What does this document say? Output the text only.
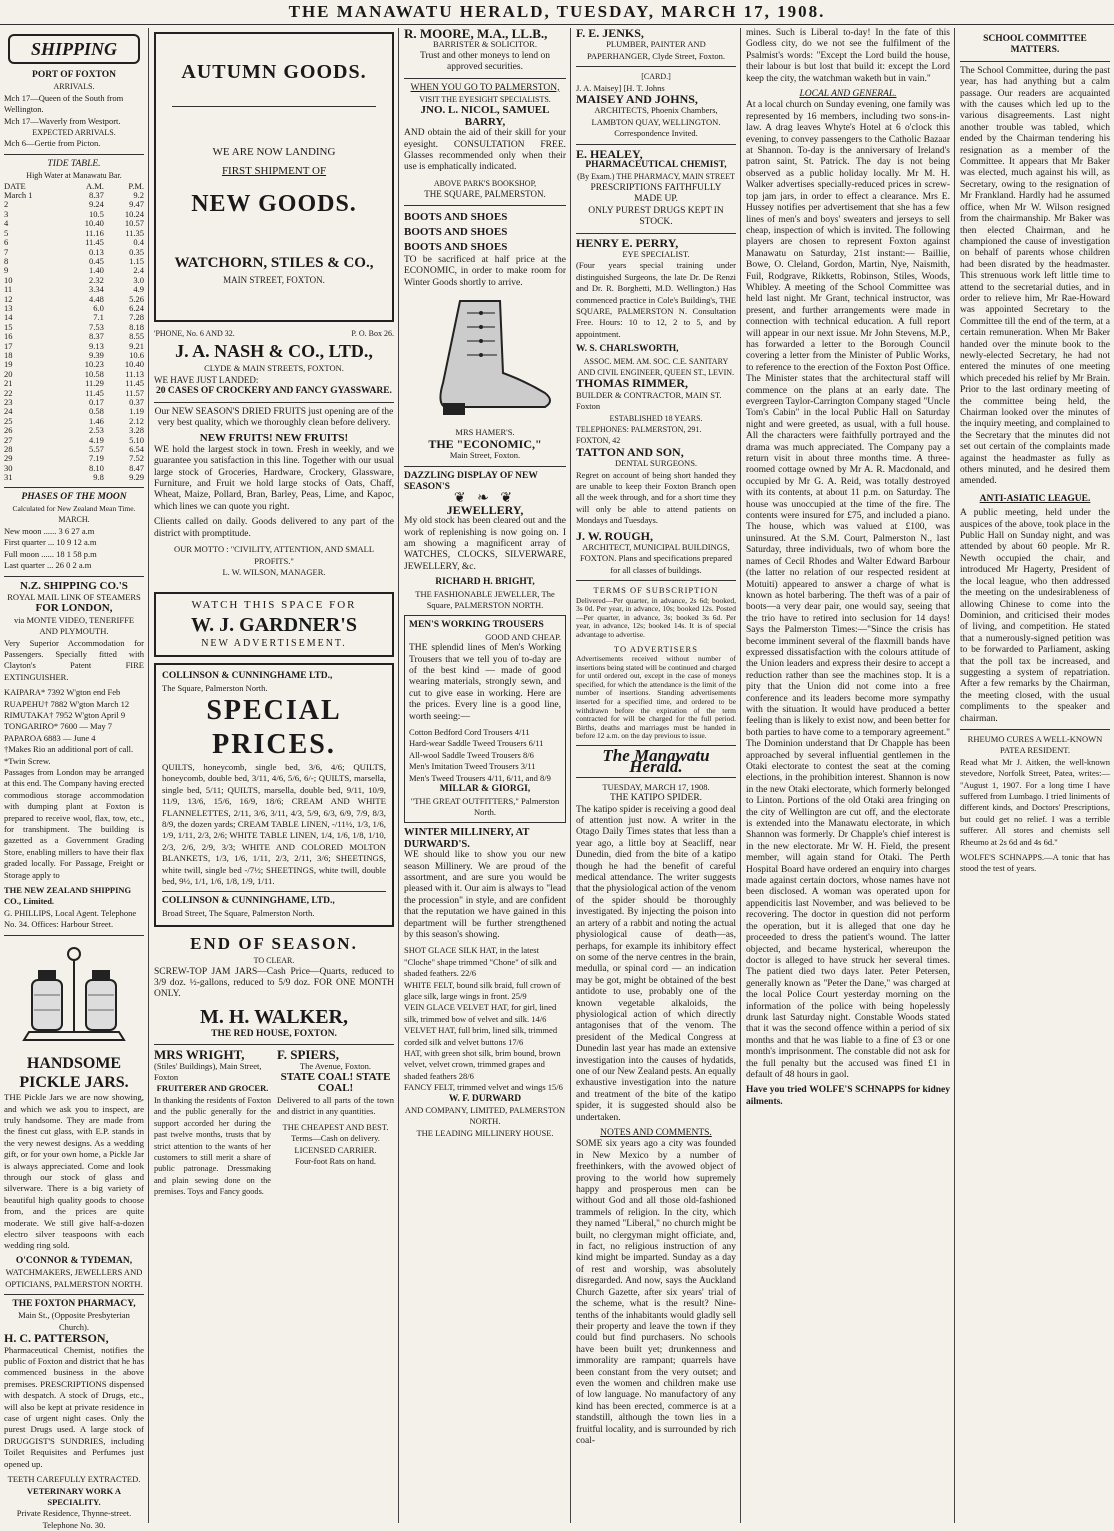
THE MANAWATU HERALD, TUESDAY, MARCH 17, 1908.
SHIPPING
PORT OF FOXTON
ARRIVALS.
Mch 17—Queen of the South from Wellington.
Mch 17—Waverly from Westport.
EXPECTED ARRIVALS.
Mch 6—Gertie from Picton.
TIDE TABLE.
High Water at Manawatu Bar.
DATE	A.M.	P.M.
March 1	8.37	9.2
2	9.24	9.47
3	10.5	10.24
4	10.40	10.57
5	11.16	11.35
6	11.45	0.4
7	0.13	0.35
8	0.45	1.15
9	1.40	2.4
10	2.32	3.0
11	3.34	4.9
12	4.48	5.26
13	6.0	6.24
14	7.1	7.28
15	7.53	8.18
16	8.37	8.55
17	9.13	9.21
18	9.39	10.6
19	10.23	10.40
20	10.58	11.13
21	11.29	11.45
22	11.45	11.57
23	0.17	0.37
24	0.58	1.19
25	1.46	2.12
26	2.53	3.28
27	4.19	5.10
28	5.57	6.54
29	7.19	7.52
30	8.10	8.47
31	9.8	9.29
PHASES OF THE MOON
Calculated for New Zealand Mean Time.
MARCH.
New moon ...... 3 6 27 a.m
First quarter ... 10 9 12 a.m
Full moon ...... 18 1 58 p.m
Last quarter ... 26 0 2 a.m
N.Z. SHIPPING CO.'S
ROYAL MAIL LINK OF STEAMERS
FOR LONDON,
via MONTE VIDEO, TENERIFFE AND PLYMOUTH.

Very Superior Accommodation for Passengers. Specially fitted with Clayton's Patent FIRE EXTINGUISHER.

KAIPARA* 7392 W'gton end Feb
RUAPEHU† 7882 W'gton March 12
RIMUTAKA† 7952 W'gton April 9
TONGARIRO* 7600 — May 7
PAPAROA 6883 — June 4
†Makes Rio an additional port of call.
*Twin Screw.

Passages from London may be arranged at this end. The Company having erected commodious storage accommodation with dumping plant at Foxton is prepared to receive wool, flax, tow, etc., for transhipment. The building is gazetted as a Government Grading Store, enabling millers to have their flax graded locally. For Passage, Freight or Storage apply to

THE NEW ZEALAND SHIPPING CO., Limited.
G. PHILLIPS, Local Agent. Telephone No. 34. Offices: Harbour Street.
HANDSOME PICKLE JARS.

THE Pickle Jars we are now showing, and which we ask you to inspect, are truly handsome. They are made from the finest cut glass, with E.P. stands in the very newest designs. As a wedding gift, or for your own home, a Pickle Jar is always appreciated. Come and look through our stock of glass and silverware. There is a big variety of beautiful high quality goods to choose from, and the prices are quite moderate. We still give half-a-dozen electro silver teaspoons with each wedding ring sold.

O'CONNOR & TYDEMAN,
WATCHMAKERS, JEWELLERS AND OPTICIANS, PALMERSTON NORTH.
THE FOXTON PHARMACY,
Main St., (Opposite Presbyterian Church).
H. C. PATTERSON,

Pharmaceutical Chemist, notifies the public of Foxton and district that he has commenced business in the above premises. PRESCRIPTIONS dispensed with despatch. A stock of Drugs, etc., will also be kept at private residence in case of urgent night cases. Only the purest Drugs used. A large stock of DRUGGIST'S SUNDRIES, including Toilet Requisites and Perfumes just opened up.

TEETH CAREFULLY EXTRACTED.
VETERINARY WORK A SPECIALITY.
Private Residence, Thynne-street. Telephone No. 30.
AUTUMN GOODS.
WE ARE NOW LANDING
FIRST SHIPMENT OF
NEW GOODS.
WATCHORN, STILES & CO.,
MAIN STREET, FOXTON.
'PHONE, No. 6 AND 32.	P. O. Box 26.
J. A. NASH & CO., LTD.,
CLYDE & MAIN STREETS, FOXTON.
WE HAVE JUST LANDED:
20 CASES OF CROCKERY AND FANCY GYASSWARE.

Our NEW SEASON'S DRIED FRUITS just opening are of the very best quality, which we thoroughly clean before delivery.

NEW FRUITS! NEW FRUITS!

WE hold the largest stock in town. Fresh in weekly, and we guarantee you satisfaction in this line. Together with our usual large stock of Groceries, Hardware, Crockery, Glassware, Furniture, and Fruit we hold large stocks of Oats, Chaff, Wheat, Maize, Pollard, Bran, Barley, Peas, Lime, and Kapoc, which lines we can quote you right.

Clients called on daily. Goods delivered to any part of the district with promptitude.

OUR MOTTO : "CIVILITY, ATTENTION, AND SMALL PROFITS."
L. W. WILSON, MANAGER.
WATCH THIS SPACE FOR
W. J. GARDNER'S
NEW ADVERTISEMENT.
COLLINSON & CUNNINGHAME LTD.,
The Square, Palmerston North.
SPECIAL PRICES.

QUILTS, honeycomb, single bed, 3/6, 4/6; QUILTS, honeycomb, double bed, 3/11, 4/6, 5/6, 6/-; QUILTS, marsella, single bed, 5/11; QUILTS, marsella, double bed, 9/11, 10/9, 11/9, 13/6, 15/6, 16/9, 18/6; CREAM AND WHITE FLANNELETTES, 2/11, 3/6, 3/11, 4/3, 5/9, 6/3, 6/9, 7/9, 8/3, 8/9, the dozen yards; CREAM TABLE LINEN, -/11½, 1/3, 1/6, 1/9, 1/11, 2/3, 2/6; WHITE TABLE LINEN, 1/4, 1/6, 1/8, 1/10, 2/3, 2/6, 2/9, 3/3; WHITE AND COLORED MOLTON BLANKETS, 1/3, 1/6, 1/11, 2/3, 2/11, 3/6; SHEETINGS, white twill, single bed -/7½; SHEETINGS, white twill, double bed, 9½, 1/1, 1/6, 1/8, 1/9, 1/11.

COLLINSON & CUNNINGHAME, LTD.,
Broad Street, The Square, Palmerston North.
END OF SEASON.
TO CLEAR.

SCREW-TOP JAM JARS—Cash Price—Quarts, reduced to 3/9 doz. ½-gallons, reduced to 5/9 doz. FOR ONE MONTH ONLY.

M. H. WALKER,
THE RED HOUSE, FOXTON.
MRS WRIGHT,
(Stiles' Buildings), Main Street, Foxton
FRUITERER AND GROCER.

In thanking the residents of Foxton and the public generally for the support accorded her during the past twelve months, trusts that by strict attention to the wants of her customers to still merit a share of public patronage. Dressmaking and plain sewing done on the premises. Toys and Fancy goods.

F. SPIERS,
The Avenue, Foxton.
STATE COAL! STATE COAL!

Delivered to all parts of the town and district in any quantities.

THE CHEAPEST AND BEST.
Terms—Cash on delivery.
LICENSED CARRIER.
Four-foot Rats on hand.
R. MOORE, M.A., LL.B.,
BARRISTER & SOLICITOR.

Trust and other moneys to lend on approved securities.

WHEN YOU GO TO PALMERSTON,
VISIT THE EYESIGHT SPECIALISTS.
JNO. L. NICOL, SAMUEL BARRY,

AND obtain the aid of their skill for your eyesight. CONSULTATION FREE. Glasses recommended only when their use is emphatically indicated.

ABOVE PARK'S BOOKSHOP,
THE SQUARE, PALMERSTON.
BOOTS AND SHOES
BOOTS AND SHOES
BOOTS AND SHOES

TO be sacrificed at half price at the ECONOMIC, in order to make room for Winter Goods shortly to arrive.

MRS HAMER'S.
THE "ECONOMIC,"
Main Street, Foxton.
DAZZLING DISPLAY OF NEW SEASON'S
❦ ❧ ❦
JEWELLERY,

My old stock has been cleared out and the work of replenishing is now going on. I am showing a magnificent array of WATCHES, CLOCKS, SILVERWARE, JEWELLERY, &c.

RICHARD H. BRIGHT,
THE FASHIONABLE JEWELLER, The Square, PALMERSTON NORTH.
MEN'S WORKING TROUSERS
GOOD AND CHEAP.

THE splendid lines of Men's Working Trousers that we tell you of to-day are of the best kind — made of good wearing materials, strongly sewn, and cut to give ease in working. Here are the prices. Every line is a good line, worth seeing:—

Cotton Bedford Cord Trousers 4/11
Hard-wear Saddle Tweed Trousers 6/11
All-wool Saddle Tweed Trousers 8/6
Men's Imitation Tweed Trousers 3/11
Men's Tweed Trousers 4/11, 6/11, and 8/9
MILLAR & GIORGI,
"THE GREAT OUTFITTERS," Palmerston North.
WINTER MILLINERY, AT DURWARD'S.

WE should like to show you our new season Millinery. We are proud of the assortment, and are sure you would be pleased with it. Our aim is always to "lead the procession" in style, and are confident that the reputation we have gained in this department will be further strengthened by this season's showing.

SHOT GLACE SILK HAT, in the latest "Cloche" shape trimmed "Chone" of silk and shaded feathers. 22/6
WHITE FELT, bound silk braid, full crown of glace silk, large wings in front. 25/9
VEIN GLACE VELVET HAT, for girl, lined silk, trimmed bow of velvet and silk. 14/6
VELVET HAT, full brim, lined silk, trimmed corded silk and velvet buttons 17/6
HAT, with green shot silk, brim bound, brown velvet, velvet crown, trimmed grapes and shaded feathers 28/6
FANCY FELT, trimmed velvet and wings 15/6
W. F. DURWARD
AND COMPANY, LIMITED, PALMERSTON NORTH.
THE LEADING MILLINERY HOUSE.
F. E. JENKS,
PLUMBER, PAINTER AND PAPERHANGER, Clyde Street, Foxton.
[CARD.]
J. A. Maisey] [H. T. Johns
MAISEY AND JOHNS,
ARCHITECTS, Phoenix Chambers, LAMBTON QUAY, WELLINGTON. Correspondence Invited.
E. HEALEY,
PHARMACEUTICAL CHEMIST,
(By Exam.) THE PHARMACY, MAIN STREET
PRESCRIPTIONS FAITHFULLY MADE UP.
ONLY PUREST DRUGS KEPT IN STOCK.
HENRY E. PERRY,
EYE SPECIALIST.

(Four years special training under distinguished Surgeons, the late Dr. De Renzi and Dr. R. Borghetti, M.D. Wellington.) Has commenced practice in Cole's Building's, THE SQUARE, PALMERSTON N. Consultation Free. Hours: 10 to 12, 2 to 5, and by appointment.

W. S. CHARLSWORTH,
ASSOC. MEM. AM. SOC. C.E. SANITARY AND CIVIL ENGINEER, QUEEN ST., LEVIN.
THOMAS RIMMER,
BUILDER & CONTRACTOR, MAIN ST. Foxton
ESTABLISHED 18 YEARS.
TELEPHONES: PALMERSTON, 291. FOXTON, 42
TATTON AND SON,
DENTAL SURGEONS.

Regret on account of being short handed they are unable to keep their Foxton Branch open all the week through, and for a short time they will only be able to attend patients on Mondays and Tuesdays.

J. W. ROUGH,
ARCHITECT, MUNICIPAL BUILDINGS, FOXTON. Plans and specifications prepared for all classes of buildings.
TERMS OF SUBSCRIPTION

Delivered—Per quarter, in advance, 2s 6d; booked, 3s 0d. Per year, in advance, 10s; booked 12s. Posted—Per quarter, in advance, 3s; booked 3s 6d. Per year, in advance, 12s; booked 14s. It is of special advantage to advertise.

TO ADVERTISERS

Advertisements received without number of insertions being stated will be continued and charged for until ordered out, except in the case of moneys specified, for which the attendance is the limit of the number of insertions. Standing advertisements inserted for a specified time, and ordered to be withdrawn before the expiration of the term contracted for will be charged for the full period. Births, deaths and marriages must be handed in before 12 a.m. on the day previous to issue.

The Manawatu Herald.
TUESDAY, MARCH 17, 1908.
THE KATIPO SPIDER.

The katipo spider is receiving a good deal of attention just now. A writer in the Otago Daily Times states that less than a year ago, a little boy at Seacliff, near Dunedin, died from the bite of a katipo though he had the benefit of careful medical attendance. The writer suggests that the physiological action of the venom of the spider should be thoroughly investigated. By injecting the poison into an artery of a rabbit and noting the actual physiological cause of death—as, perhaps, for example its inhibitory effect on some of the nerve centres in the brain, medulla, or spinal cord — an indication may be got, might be obtained of the best antidote to use, probably one of the known vegetable alkaloids, the physiological action of which directly antagonises that of the venom. The president of the Medical Congress at Dunedin last year has made an extensive investigation into the causes of hydatids, one of our New Zealand pests. An equally exhaustive investigation into the nature and treatment of the bite of the katipo spider, it is suggested should also be undertaken.

NOTES AND COMMENTS.

SOME six years ago a city was founded in New Mexico by a number of freethinkers, with the avowed object of proving to the world how supremely happy and prosperous men can be without God and all those old-fashioned trammels of religion. In the city, which they named "Liberal," no church might be built, no clergyman might officiate, and, in fact, no religious instruction of any kind might be imparted. Sunday as a day of rest and worship, was absolutely disregarded. And now, says the Auckland Church Gazette, after six years' trial of the scheme, what is the result? Nine-tenths of the inhabitants would gladly sell their property and leave the town if they could but find purchasers. No schools have been built yet; drunkenness and immorality are rampant; quarrels have been constant from the very outset; and even the women and children make use of low language. No manufactory of any kind has been erected, commerce is at a standstill, although the town lies in a fruitful locality, and is surrounded by rich coal-

mines. Such is Liberal to-day! In the fate of this Godless city, do we not see the fulfilment of the Psalmist's words: "Except the Lord build the house, their labour is but lost that build it: except the Lord keep the city, the watchman waketh but in vain."

LOCAL AND GENERAL.

At a local church on Sunday evening, one family was represented by 16 members, including two sons-in-law. A drag leaves Whyte's Hotel at 6 o'clock this evening, to convey passengers to the Catholic Bazaar at Shannon. To-day is the anniversary of Ireland's patron saint, St. Patrick. The day is not being observed as a public holiday locally. Mr M. H. Walker advertises specially-reduced prices in screw-top jam jars, in order to effect a clearance. Mrs E. Hussey notifies per advertisement that she has a few lines of men's and boys' sweaters and jerseys to sell cheap, inspection of which is invited. The following players are chosen to represent Foxton against Manawatu on Saturday, 21st instant:— Baillie, Bowe, O. Cleland, Gordon, Martin, Nye, Naismith, Fuil, Rodgrave, Rikketts, Robinson, Stiles, Woods, Whibley. A meeting of the School Committee was held last night. Mr Grant, technical instructor, was present, and further arrangements were made in connection with technical education. A full report will appear in our next issue. Mr John Stevens, M.P., has forwarded a letter to the Borough Council covering a letter from the Minister of Public Works, to reference to the erection of the Foxton Post Office. The Minister states that the architectural staff will commence on the plans at an early date. The evergreen Taylor-Carrington Company staged "Uncle Tom's Cabin" in the local Public Hall on Saturday night and were greeted, as usual, with a full house. All the characters were faithfully portrayed and the drama was much appreciated. The Company pay a return visit in about three months time. A three-roomed cottage owned by Mr A. R. Macdonald, and occupied by Mr G. A. Reid, was totally destroyed with its contents, at about 11 p.m. on Saturday. The house was unoccupied at the time of the fire. The contents were insured for £75, and included a piano. The house, which was valued at £100, was uninsured. At the S.M. Court, Palmerston N., last Saturday, three individuals, two of whom bore the names of Cecil Rhodes and Walter Edward Barbour (the latter no relation of our respected resident at Motuiti) appeared to answer a charge of what is known as hotel barbering. The theft was of a pair of boots—a very dear pair, one would say, seeing that the trio have to retired into seclusion for 14 days! Says the Palmerston Times:—"Since the crisis has become imminent several of the flaxmill bands have expressed dissatisfaction with the colours attitude of the Union leaders and express their desire to accept a reduction rather than see the machines stop. It is a pity that the Union did not come into a free conference and its leaders become more sympathy with the situation. It would have produced a better feeling than is likely to exist now, and been better for both parties to have come to a temporary agreement." The Dominion understand that Dr Chapple has been approached by several influential gentlemen in the Otaki electorate to contest the seat at the coming elections, in the prohibition interest. Shannon is now in the new Otaki electorate, which formerly belonged to Linton. Portions of the old Otaki area fringing on the city of Wellington are cut off, and the electorate is extended into the Manawatu electorate, in which Shannon was formerly. Dr Chapple's chief interest is in the new electorate. Mr W. H. Field, the present member, will again stand for Otaki. The Perth Hospital Board have ordered an enquiry into charges made against certain doctors, whose names have not been disclosed. A woman was operated upon for appendicitis last November, and was believed to be recovering. The doctor in question did not perform the operation, but it is alleged that one day he proceeded to dress the patient's wound. The latter objected, and became hysterical, whereupon the doctor is alleged to have struck her several times. The patient died two days later. Peter Petersen, generally known as "Peter the Dane," was charged at the local Police Court yesterday morning on the information of the police with being hopelessly drunk last Saturday night. Constable Woods stated that it was the second offence within a period of six months and that he was liable to a fine of £3 or one month's imprisonment. The constable did not ask for the full penalty but the accused was fined £1 in default of 48 hours in gaol.

Have you tried WOLFE'S SCHNAPPS for kidney ailments.

SCHOOL COMMITTEE MATTERS.

The School Committee, during the past year, has had anything but a calm passage. Our readers are acquainted with the causes which led up to the various disagreements. Last night another trouble was tabled, which ended by the Chairman tendering his resignation as a member of the Committee. It appears that Mr Baker was elected, much against his will, as Secretary, owing to the resignation of Mr Frankland. Hardly had he assumed office, when Mr W. Wilson resigned from the chairmanship. Mr Baker was then elected Chairman, and he championed the cause of investigation on behalf of parents whose children had been disrated by the headmaster. This strenuous work left little time to attend to the secretarial duties, and in order to relieve him, Mr Rae-Howard was appointed Secretary to the Committee till the end of the term, at a certain remuneration. When Mr Baker handed over the minute book to the newly-elected Secretary, he had not entered the minutes of one meeting which preceded his relief by Mr Brain. Prior to the last ordinary meeting of the committee being held, the Chairman looked over the minutes of the inquiry meeting, and complained to the Secretary that the minutes did not set out certain of the complaints made against the headmaster as fully as others minuted, and he desired them amended.

ANTI-ASIATIC LEAGUE.

A public meeting, held under the auspices of the above, took place in the Public Hall on Sunday night, and was attended by about 60 people. Mr R. Newth occupied the chair, and introduced Mr Hagerty, President of the local league, who then addressed the meeting on the undesirableness of allowing Chinese to come into the Dominion, and criticised their modes of living, and competition. He stated that a numerously-signed petition was to be forwarded to Parliament, asking that the poll tax be increased, and suggesting a system of repatriation. After a few remarks by the Chairman, the meeting closed, with the usual compliments to the speaker and chairman.

RHEUMO CURES A WELL-KNOWN PATEA RESIDENT.

Read what Mr J. Aitken, the well-known stevedore, Norfolk Street, Patea, writes:— "August 1, 1907. For a long time I have suffered from Lumbago. I tried liniments of different kinds, and Doctors' Prescriptions, but could get no relief. I was a terrible sufferer. All stores and chemists sell Rheumo at 2s 6d and 4s 6d."

WOLFE'S SCHNAPPS.—A tonic that has stood the test of years.
